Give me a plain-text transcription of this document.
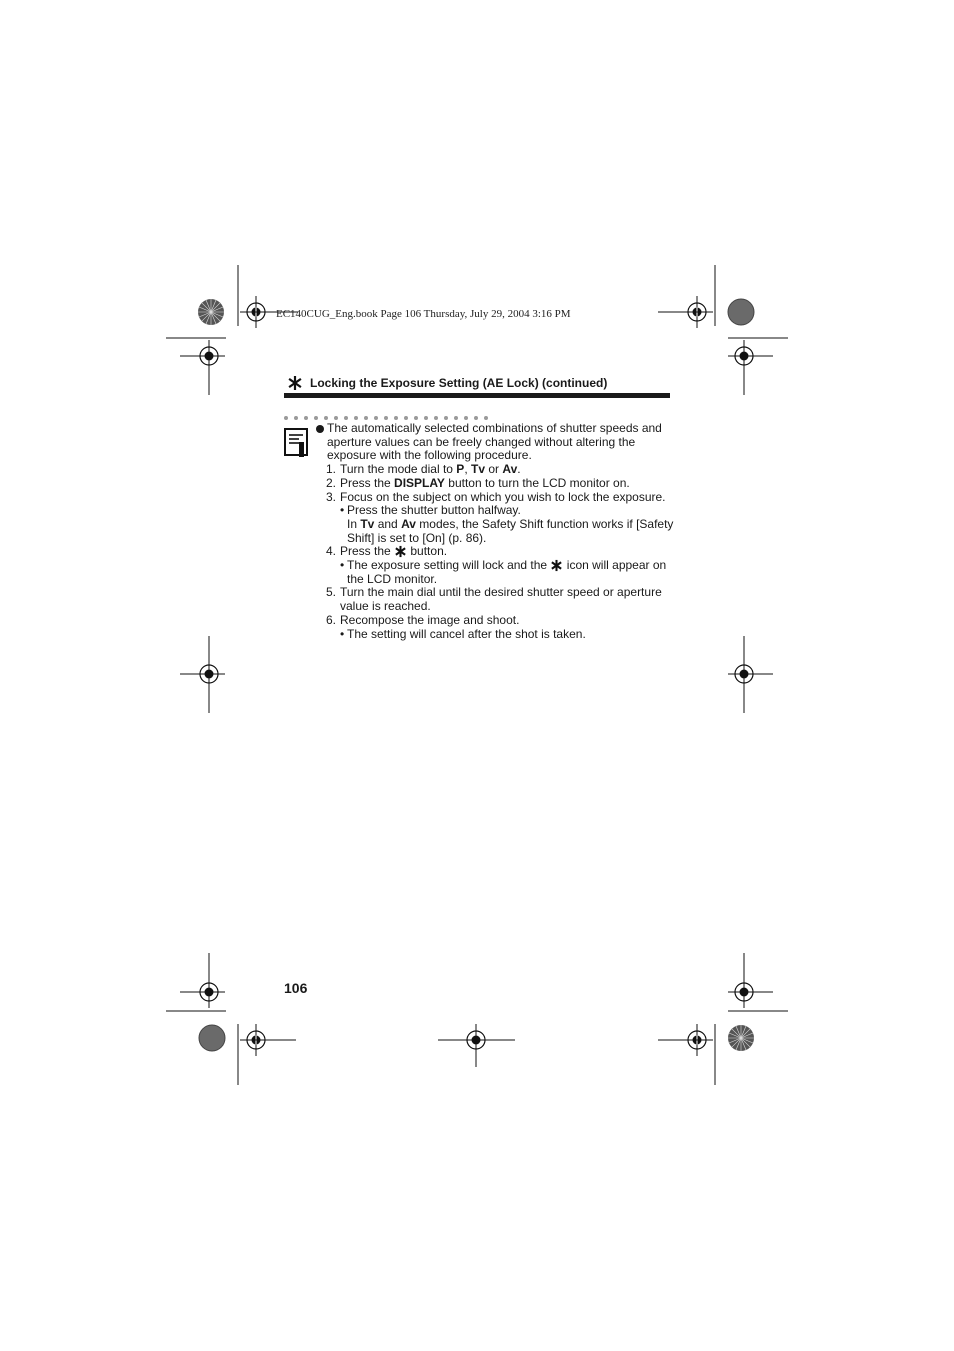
EC140CUG_Eng.book Page 106 Thursday, July 29, 2004 3:16 PM
Locking the Exposure Setting (AE Lock) (continued)
The automatically selected combinations of shutter speeds and aperture values can be freely changed without altering the exposure with the following procedure.
1. Turn the mode dial to P, Tv or Av.
2. Press the DISPLAY button to turn the LCD monitor on.
3. Focus on the subject on which you wish to lock the exposure.
• Press the shutter button halfway.
In Tv and Av modes, the Safety Shift function works if [Safety Shift] is set to [On] (p. 86).
4. Press the  button.
• The exposure setting will lock and the  icon will appear on the LCD monitor.
5. Turn the main dial until the desired shutter speed or aperture value is reached.
6. Recompose the image and shoot.
• The setting will cancel after the shot is taken.
106
